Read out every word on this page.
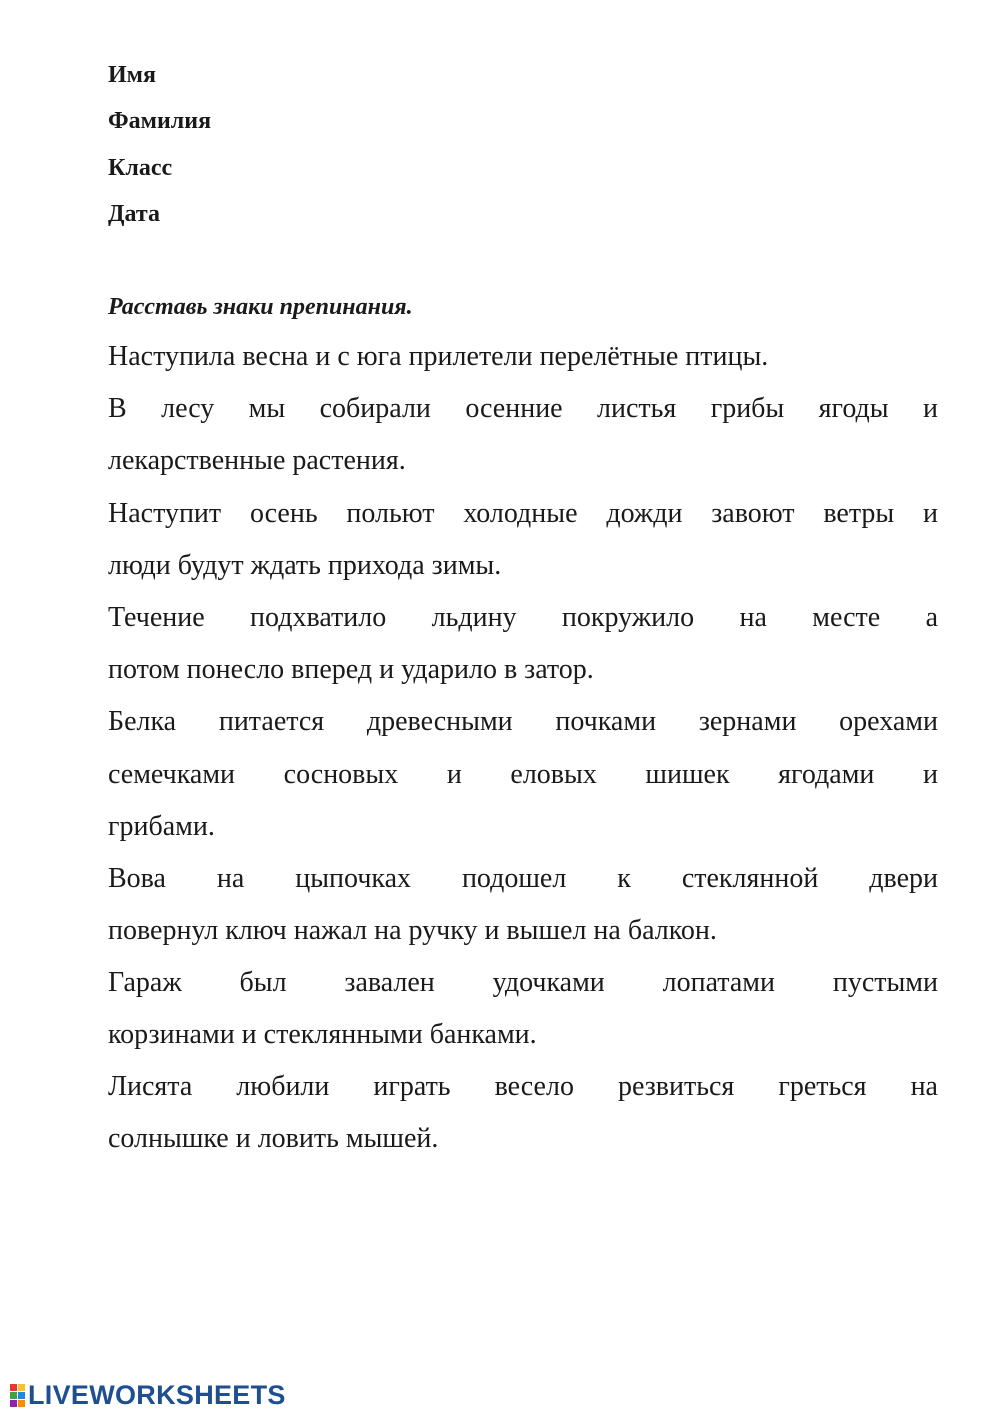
Имя
Фамилия
Класс
Дата
Расставь знаки препинания.
Наступила весна и с юга прилетели перелётные птицы.
В лесу мы собирали осенние листья грибы ягоды и
лекарственные растения.
Наступит осень польют холодные дожди завоют ветры и
люди будут ждать прихода зимы.
Течение подхватило льдину покружило на месте а
потом понесло вперед и ударило в затор.
Белка питается древесными почками зернами орехами
семечками сосновых и еловых шишек ягодами и
грибами.
Вова на цыпочках подошел к стеклянной двери
повернул ключ нажал на ручку и вышел на балкон.
Гараж был завален удочками лопатами пустыми
корзинами и стеклянными банками.
Лисята любили играть весело резвиться греться на
солнышке и ловить мышей.
LIVEWORKSHEETS
